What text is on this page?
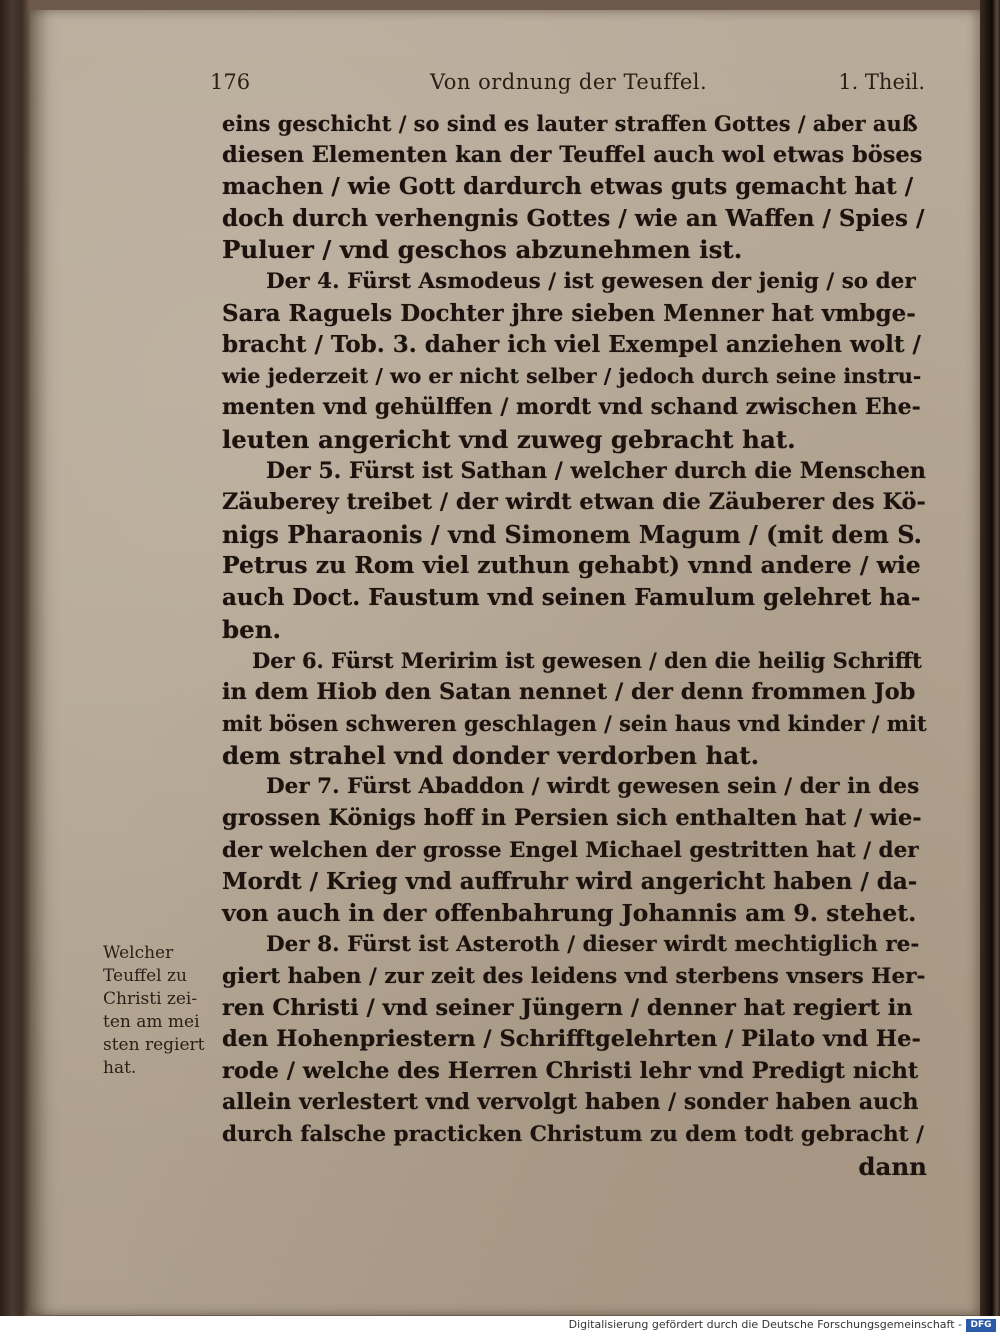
176	Von ordnung der Teuffel.	1. Theil.
eins geschicht / so sind es lauter straffen Gottes / aber auß
diesen Elementen kan der Teuffel auch wol etwas böses
machen / wie Gott dardurch etwas guts gemacht hat /
doch durch verhengnis Gottes / wie an Waffen / Spies /
Puluer / vnd geschos abzunehmen ist.
Der 4. Fürst Asmodeus / ist gewesen der jenig / so der
Sara Raguels Dochter jhre sieben Menner hat vmbge-
bracht / Tob. 3. daher ich viel Exempel anziehen wolt /
wie jederzeit / wo er nicht selber / jedoch durch seine instru-
menten vnd gehülffen / mordt vnd schand zwischen Ehe-
leuten angericht vnd zuweg gebracht hat.
Der 5. Fürst ist Sathan / welcher durch die Menschen
Zäuberey treibet / der wirdt etwan die Zäuberer des Kö-
nigs Pharaonis / vnd Simonem Magum / (mit dem S.
Petrus zu Rom viel zuthun gehabt) vnnd andere / wie
auch Doct. Faustum vnd seinen Famulum gelehret ha-
ben.
Der 6. Fürst Meririm ist gewesen / den die heilig Schrifft
in dem Hiob den Satan nennet / der denn frommen Job
mit bösen schweren geschlagen / sein haus vnd kinder / mit
dem strahel vnd donder verdorben hat.
Der 7. Fürst Abaddon / wirdt gewesen sein / der in des
grossen Königs hoff in Persien sich enthalten hat / wie-
der welchen der grosse Engel Michael gestritten hat / der
Mordt / Krieg vnd auffruhr wird angericht haben / da-
von auch in der offenbahrung Johannis am 9. stehet.
Der 8. Fürst ist Asteroth / dieser wirdt mechtiglich re-
giert haben / zur zeit des leidens vnd sterbens vnsers Her-
ren Christi / vnd seiner Jüngern / denner hat regiert in
den Hohenpriestern / Schrifftgelehrten / Pilato vnd He-
rode / welche des Herren Christi lehr vnd Predigt nicht
allein verlestert vnd vervolgt haben / sonder haben auch
durch falsche practicken Christum zu dem todt gebracht /
dann
Welcher
Teuffel zu
Christi zei-
ten am mei
sten regiert
hat.
Digitalisierung gefördert durch die Deutsche Forschungsgemeinschaft - DFG
